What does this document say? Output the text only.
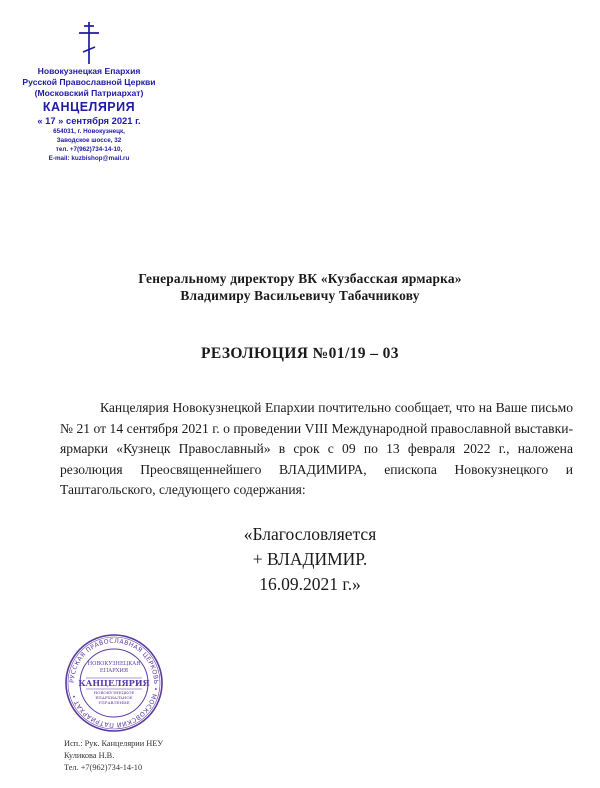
Новокузнецкая Епархия
Русской Православной Церкви
(Московский Патриархат)
КАНЦЕЛЯРИЯ
« 17 » сентября 2021 г.
654031, г. Новокузнецк,
Заводское шоссе, 32
тел. +7(962)734-14-10,
E-mail: kuzbishop@mail.ru
Генеральному директору ВК «Кузбасская ярмарка»
Владимиру Васильевичу Табачникову
РЕЗОЛЮЦИЯ №01/19 – 03
Канцелярия Новокузнецкой Епархии почтительно сообщает, что на Ваше письмо № 21 от 14 сентября 2021 г. о проведении VIII Международной православной выставки-ярмарки «Кузнецк Православный» в срок с 09 по 13 февраля 2022 г., наложена резолюция Преосвященнейшего ВЛАДИМИРА, епископа Новокузнецкого и Таштагольского, следующего содержания:
«Благословляется
+ ВЛАДИМИР.
16.09.2021 г.»
РУССКАЯ ПРАВОСЛАВНАЯ ЦЕРКОВЬ • МОСКОВСКИЙ ПАТРИАРХАТ •
НОВОКУЗНЕЦКАЯ
ЕПАРХИЯ
КАНЦЕЛЯРИЯ
НОВОКУЗНЕЦКОЕ
ЕПАРХИАЛЬНОЕ
УПРАВЛЕНИЕ
Исп.: Рук. Канцелярии НЕУ
Куликова Н.В.
Тел. +7(962)734-14-10
